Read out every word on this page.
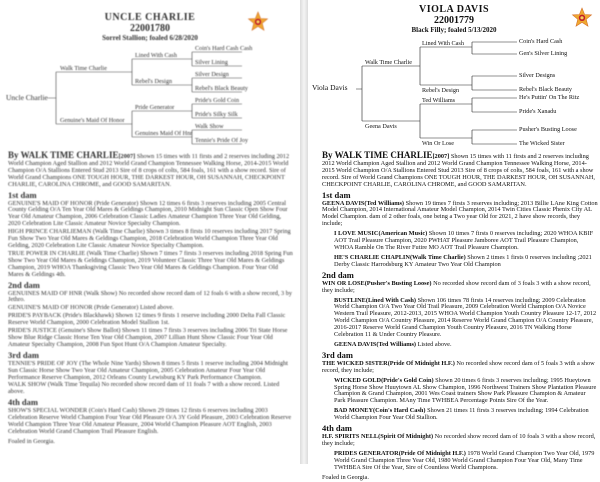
UNCLE CHARLIE
22001780
Sorrel Stallion; foaled 6/28/2020
Uncle Charlie
Walk Time Charlie
Genuine's Maid Of Honor
Lined With Cash
Rebel's Design
Pride Generator
Genuines Maid Of Hnr
Coin's Hard Cash Cash
Silver Lining
Silver Design
Rebel's Black Beauty
Pride's Gold Coin
Pride's Silky Silk
Walk Show
Tennie's Pride Of Joy
By WALK TIME CHARLIE[2007] Shown 15 times with 11 firsts and 2 reserves including 2012 World Champion Aged Stallion and 2012 World Grand Champion Tennessee Walking Horse, 2014-2015 World Champion O/A Stallions Entered Stud 2013 Sire of 8 crops of colts, 584 foals, 161 with a show record. Sire of World Grand Champions ONE TOUGH HOUR, THE DARKEST HOUR, OH SUSANNAH, CHECKPOINT CHARLIE, CAROLINA CHROME, and GOOD SAMARITAN.
1st dam

GENUINE'S MAID OF HONOR (Pride Generator) Shown 12 times 6 firsts 3 reserves including 2005 Central County Gelding O/A Ten Year Old Mares & Geldings Champion, 2010 Midnight Sun Classic Open Show Four Year Old Amateur Champion, 2006 Celebration Classic Ladies Amateur Champion Three Year Old Gelding, 2020 Celebration Lite Classic Amateur Novice Specialty Champion.

HIGH PRINCE CHARLIEMAN (Walk Time Charlie) Shown 3 times 8 firsts 10 reserves including 2017 Spring Fun Show Two Year Old Mares & Geldings Champion, 2018 Celebration World Champion Three Year Old Gelding, 2020 Celebration Lite Classic Amateur Novice Specialty Champion.

TRUE POWER IN CHARLIE (Walk Time Charlie) Shown 7 times 7 firsts 3 reserves including 2018 Spring Fun Show Two Year Old Mares & Geldings Champion, 2019 Volunteer Classic Three Year Old Mares & Geldings Champion, 2019 WHOA Thanksgiving Classic Two Year Old Mares & Geldings Champion. Four Year Old Mares & Geldings 4th.

2nd dam

GENUINES MAID OF HNR (Walk Show) No recorded show record dam of 12 foals 6 with a show record, 3 by Jethro.

GENUINE'S MAID OF HONOR (Pride Generator) Listed above.

PRIDE'S PAYBACK (Pride's Blackhawk) Shown 12 times 9 firsts 1 reserve including 2000 Delta Fall Classic Reserve World Champion, 2000 Celebration Model Stallion 1st.

PRIDE'S JUSTICE (Genuine's Show Ballot) Shown 11 times 7 firsts 3 reserves including 2006 Tri State Horse Show Blue Ridge Classic Horse Ten Year Old Champion, 2007 Lillian Hunt Show Classic Four Year Old Amateur Specialty Champion, 2008 Fun Spot Hunt O/A Champion Amateur Specialty.

3rd dam

TENNIE'S PRIDE OF JOY (The Whole Nine Yards) Shown 8 times 5 firsts 1 reserve including 2004 Midnight Sun Classic Horse Show Two Year Old Amateur Champion, 2005 Celebration Amateur Four Year Old Performance Reserve Champion, 2012 Orleans County Lewisburg KY Park Performance Champion.

WALK SHOW (Walk Time Tequila) No recorded show record dam of 11 foals 7 with a show record. Listed above.

4th dam

SHOW'S SPECIAL WONDER (Coin's Hard Cash) Shown 29 times 12 firsts 6 reserves including 2003 Celebration Reserve World Champion Four Year Old Pleasure O/A 3Y Gold Pleasure, 2003 Celebration Reserve World Champion Three Year Old Amateur Pleasure, 2004 World Champion Pleasure AOT English, 2003 Celebration World Grand Champion Trail Pleasure English.

Foaled in Georgia.

VIOLA DAVIS
22001779
Black Filly; foaled 5/13/2020
Viola Davis
Walk Time Charlie
Geena Davis
Lined With Cash
Rebel's Design
Ted Williams
Win Or Lose
Coin's Hard Cash
Gen's Silver Lining
Silver Designs
Rebel's Black Beauty
He's Puttin' On The Ritz
Pride's Xanadu
Pusher's Busting Loose
The Wicked Sister
By WALK TIME CHARLIE[2007] Shown 15 times with 11 firsts and 2 reserves including 2012 World Champion Aged Stallion and 2012 World Grand Champion Tennessee Walking Horse, 2014-2015 World Champion O/A Stallions Entered Stud 2013 Sire of 8 crops of colts, 584 foals, 161 with a show record. Sire of World Grand Champions ONE TOUGH HOUR, THE DARKEST HOUR, OH SUSANNAH, CHECKPOINT CHARLIE, CAROLINA CHROME, and GOOD SAMARITAN.
1st dam

GEENA DAVIS(Ted Williams) Shown 19 times 7 firsts 3 reserves including; 2013 Billie LAne King Cotton Model Champion, 2014 International Amateur Model Champion, 2014 Twin Cities Classic Phenix City AL Model Champion. dam of 2 other foals, one being a Two year Old for 2021, 2 have show records, they include;

I LOVE MUSIC(American Music) Shown 10 times 7 firsts 0 reserves including; 2020 WHOA KBIF AOT Trail Pleasure Champion, 2020 PWHAT Pleasure Jamboree AOT Trail Pleasure Champion, WHOA Ramble On The River Futire MO AOT Trail Pleasure Champion.

HE'S CHARLIE CHAPLIN(Walk Time Charlie) Shown 2 times 1 firsts 0 reserves including ;2021 Derby Classic Harrodsburg KY Amateur Two Year Old Champion

2nd dam

WIN OR LOSE(Pusher's Busting Loose) No recorded show record dam of 3 foals 3 with a show record, they include;

BUSTLINE(Lined With Cash) Shown 106 times 78 firsts 14 reserves including; 2009 Celebration World Champion O/A Two Year Old Trail Pleasure, 2009 Celebration World Champion O/A Novice Western Trail Pleasure, 2012-2013, 2015 WHOA World Champion Youth Country Pleasure 12-17, 2012 World Champion O/A Country Pleasure, 2014 Reserve World Grand Champion O/A Country Pleasure, 2016-2017 Reserve World Grand Champion Youth Country Pleasure, 2016 TN Walking Horse Celebration 11 & Under Country Pleasure.

GEENA DAVIS(Ted Williams) Listed above.

3rd dam

THE WICKED SISTER(Pride Of Midnight H.F.) No recorded show record dam of 5 foals 3 with a show record, they include;

WICKED GOLD(Pride's Gold Coin) Shown 20 times 6 firsts 3 reserves including; 1995 Hueytown Spring Horse Show Huuytown AL Show Champion, 1996 Northwest Trainers Show Plantation Pleasure Champion & Grand Champion, 2001 Wes Coast trainers Show Park Pleasure Champion & Amateur Park Pleasure Champion. MAny Time TWHBEA Percentage Points Sire Of the Year.

BAD MONEY(Coin's Hard Cash) Shown 21 times 11 firsts 3 reserves including; 1994 Celebration World Champion Four Year Old Stallion.

4th dam

H.F. SPIRITS NELL(Spirit Of Midnight) No recorded show record dam of 10 foals 3 with a show record, they include;

PRIDES GENERATOR(Pride Of Midnight H.F.) 1978 World Grand Champion Two Year Old, 1979 World Grand Champion Three Year Old, 1980 World Grand Champion Four Year Old, Many Time TWHBEA Sire Of the Year, Sire of Countless World Champions.

Foaled in Georgia.
